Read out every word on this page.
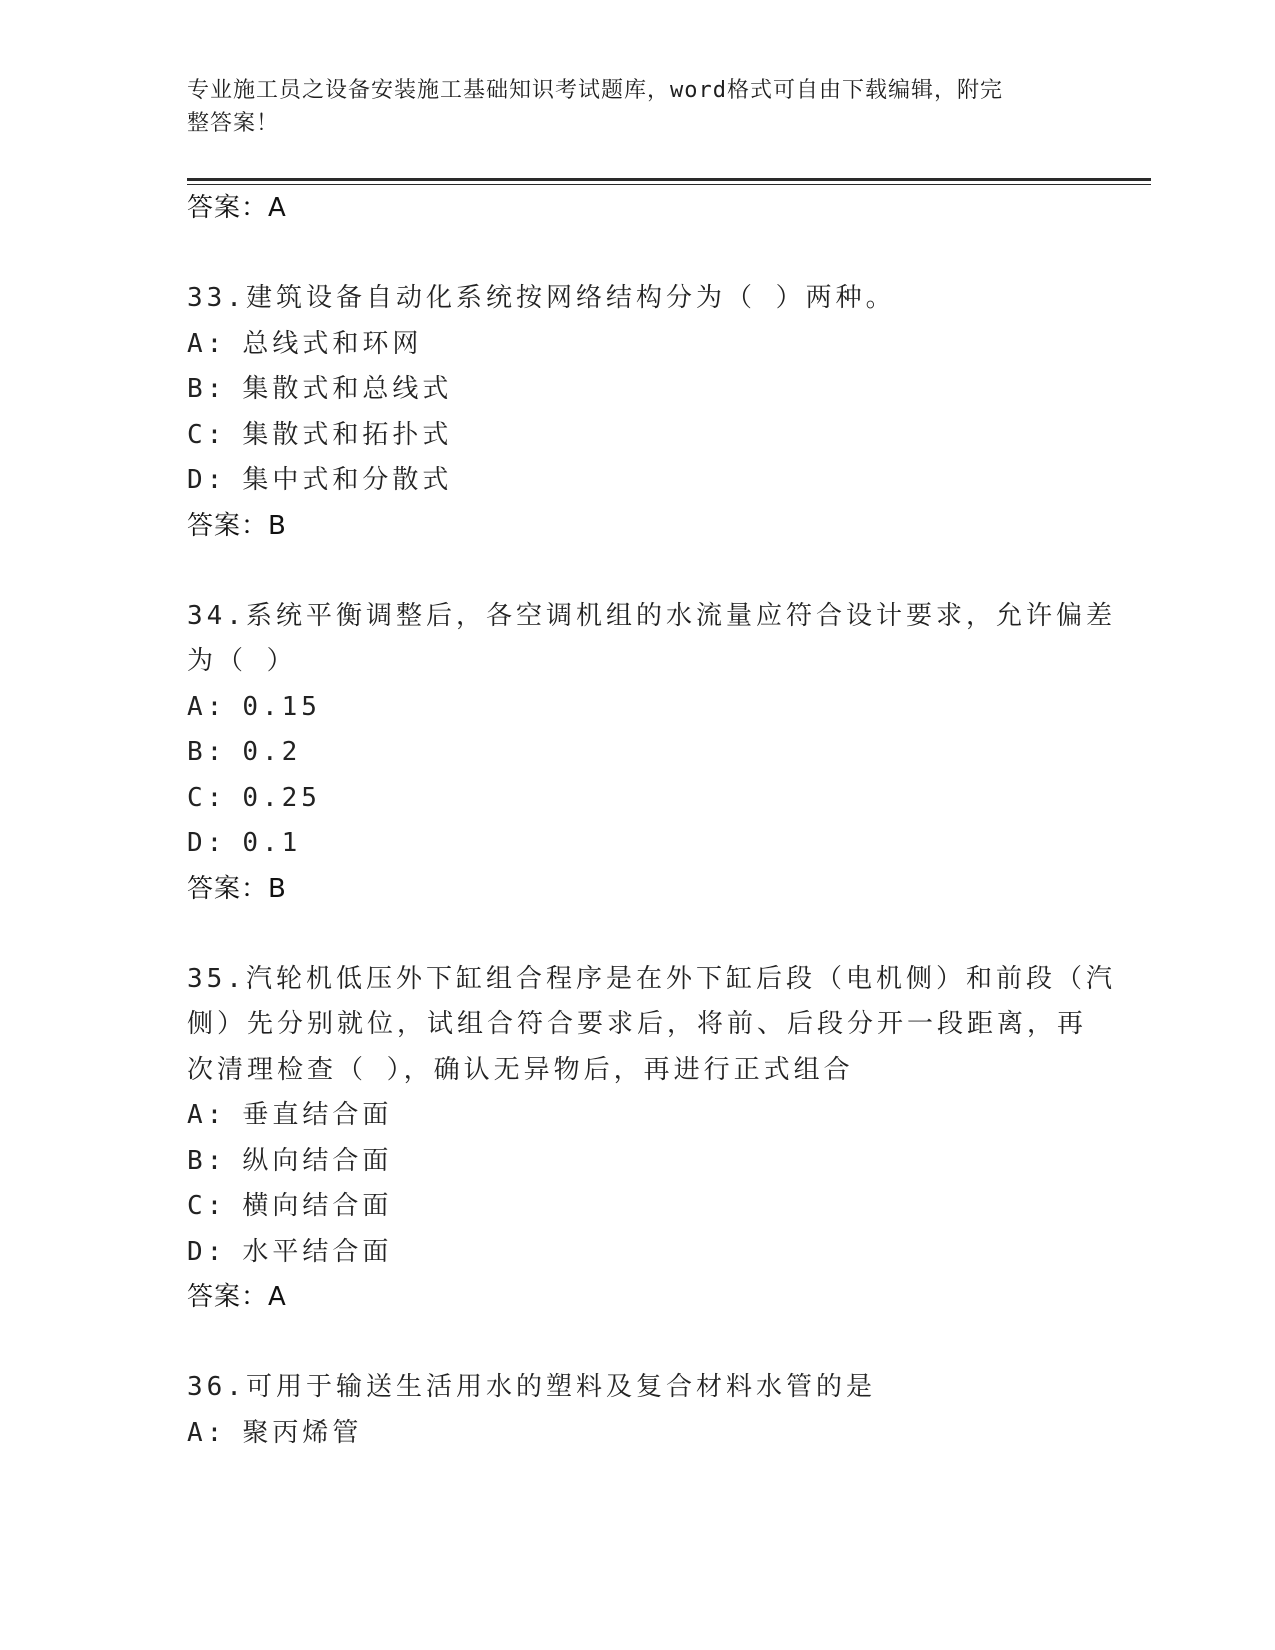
专业施工员之设备安装施工基础知识考试题库，word格式可自由下载编辑，附完
整答案！
答案：A
33.建筑设备自动化系统按网络结构分为（ ）两种。
A: 总线式和环网
B: 集散式和总线式
C: 集散式和拓扑式
D: 集中式和分散式
答案：B
34.系统平衡调整后，各空调机组的水流量应符合设计要求，允许偏差
为（ ）
A: 0.15
B: 0.2
C: 0.25
D: 0.1
答案：B
35.汽轮机低压外下缸组合程序是在外下缸后段（电机侧）和前段（汽
侧）先分别就位，试组合符合要求后，将前、后段分开一段距离，再
次清理检查（ ），确认无异物后，再进行正式组合
A: 垂直结合面
B: 纵向结合面
C: 横向结合面
D: 水平结合面
答案：A
36.可用于输送生活用水的塑料及复合材料水管的是
A: 聚丙烯管
